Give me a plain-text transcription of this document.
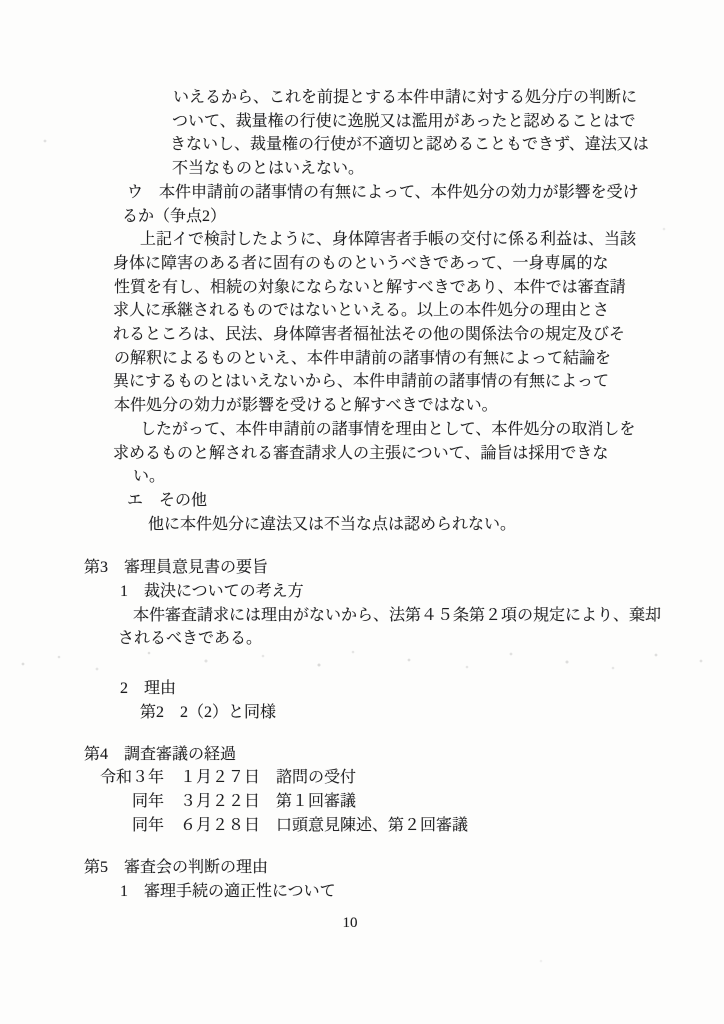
いえるから、これを前提とする本件申請に対する処分庁の判断に
ついて、裁量権の行使に逸脱又は濫用があったと認めることはで
きないし、裁量権の行使が不適切と認めることもできず、違法又は
不当なものとはいえない。
ウ　本件申請前の諸事情の有無によって、本件処分の効力が影響を受け
るか（争点2）
上記イで検討したように、身体障害者手帳の交付に係る利益は、当該
身体に障害のある者に固有のものというべきであって、一身専属的な
性質を有し、相続の対象にならないと解すべきであり、本件では審査請
求人に承継されるものではないといえる。以上の本件処分の理由とさ
れるところは、民法、身体障害者福祉法その他の関係法令の規定及びそ
の解釈によるものといえ、本件申請前の諸事情の有無によって結論を
異にするものとはいえないから、本件申請前の諸事情の有無によって
本件処分の効力が影響を受けると解すべきではない。
したがって、本件申請前の諸事情を理由として、本件処分の取消しを
求めるものと解される審査請求人の主張について、論旨は採用できな
い。
エ　その他
他に本件処分に違法又は不当な点は認められない。
第3　審理員意見書の要旨
1　裁決についての考え方
本件審査請求には理由がないから、法第４５条第２項の規定により、棄却
されるべきである。
2　理由
第2　2（2）と同様
第4　調査審議の経過
令和３年　１月２７日　諮問の受付
同年　３月２２日　第１回審議
同年　６月２８日　口頭意見陳述、第２回審議
第5　審査会の判断の理由
1　審理手続の適正性について
10
